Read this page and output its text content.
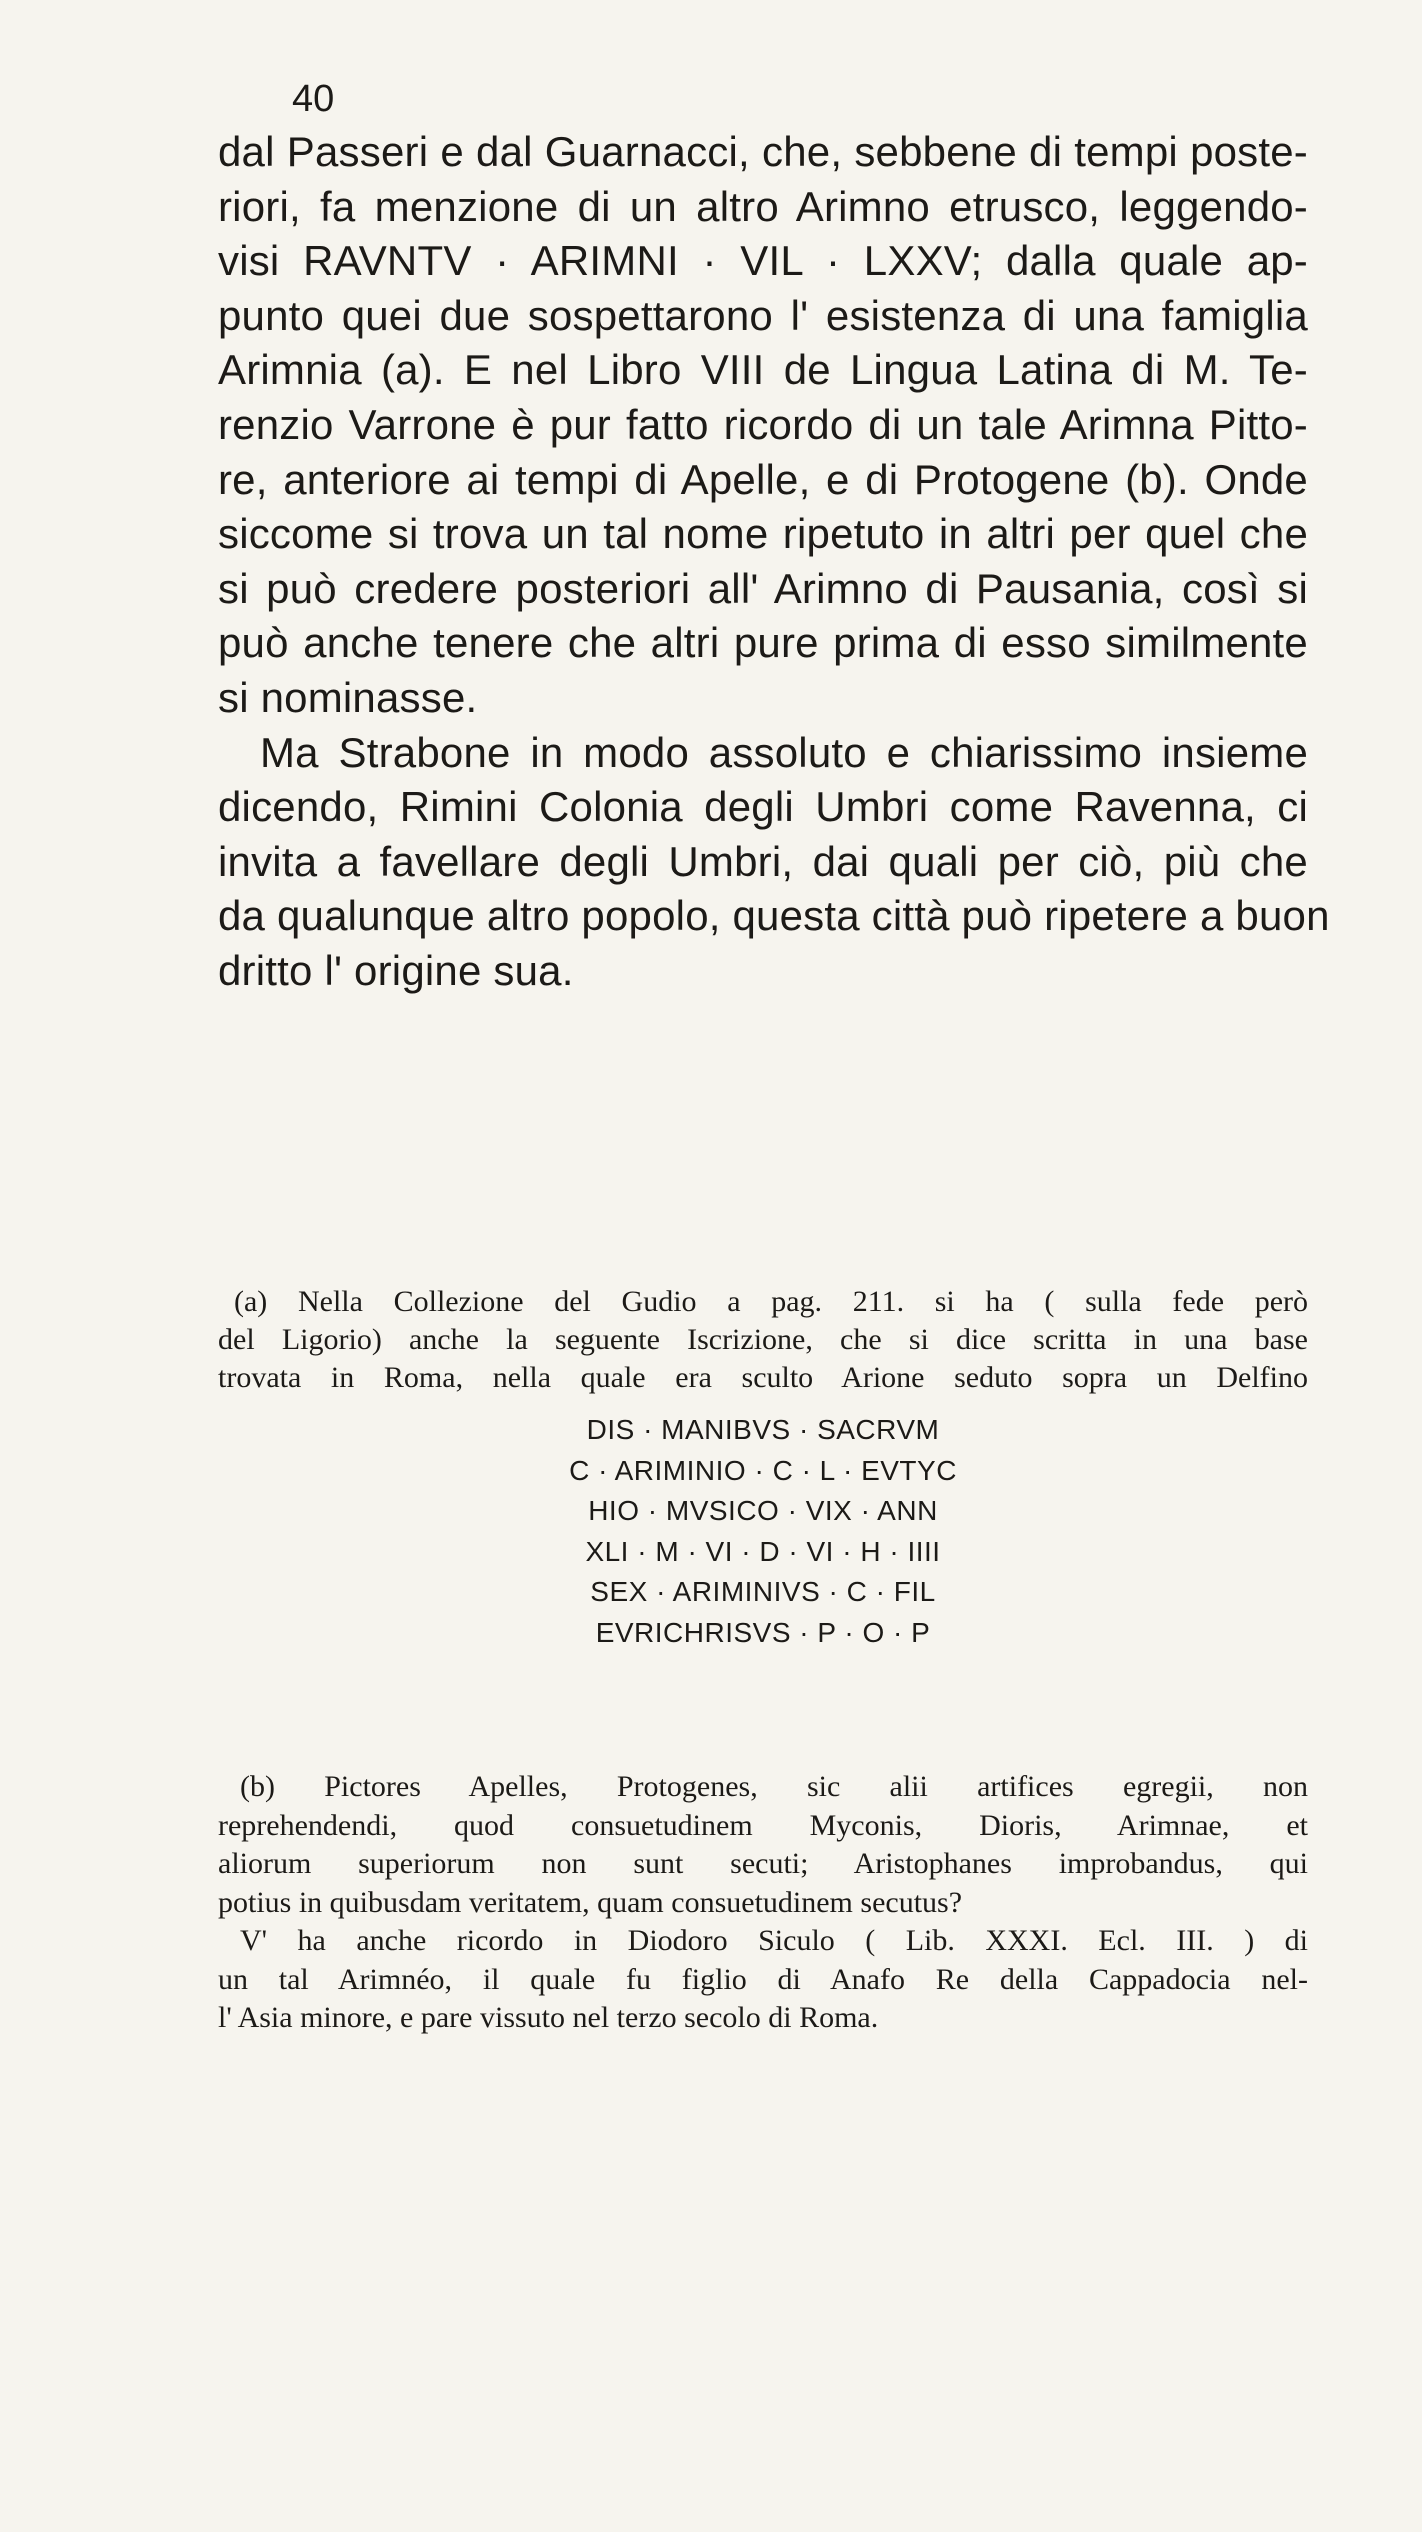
40
dal Passeri e dal Guarnacci, che, sebbene di tempi poste-
riori, fa menzione di un altro Arimno etrusco, leggendo-
visi RAVNTV · ARIMNI · VIL · LXXV; dalla quale ap-
punto quei due sospettarono l' esistenza di una famiglia
Arimnia (a). E nel Libro VIII de Lingua Latina di M. Te-
renzio Varrone è pur fatto ricordo di un tale Arimna Pitto-
re, anteriore ai tempi di Apelle, e di Protogene (b). Onde
siccome si trova un tal nome ripetuto in altri per quel che
si può credere posteriori all' Arimno di Pausania, così si
può anche tenere che altri pure prima di esso similmente
si nominasse.
Ma Strabone in modo assoluto e chiarissimo insieme
dicendo, Rimini Colonia degli Umbri come Ravenna, ci
invita a favellare degli Umbri, dai quali per ciò, più che
da qualunque altro popolo, questa città può ripetere a buon
dritto l' origine sua.
(a) Nella Collezione del Gudio a pag. 211. si ha ( sulla fede però
del Ligorio) anche la seguente Iscrizione, che si dice scritta in una base
trovata in Roma, nella quale era sculto Arione seduto sopra un Delfino
DIS · MANIBVS · SACRVM
C · ARIMINIO · C · L · EVTYC
HIO · MVSICO · VIX · ANN
XLI · M · VI · D · VI · H · IIII
SEX · ARIMINIVS · C · FIL
EVRICHRISVS · P · O · P
(b) Pictores Apelles, Protogenes, sic alii artifices egregii, non
reprehendendi, quod consuetudinem Myconis, Dioris, Arimnae, et
aliorum superiorum non sunt secuti; Aristophanes improbandus, qui
potius in quibusdam veritatem, quam consuetudinem secutus?
V' ha anche ricordo in Diodoro Siculo ( Lib. XXXI. Ecl. III. ) di
un tal Arimnéo, il quale fu figlio di Anafo Re della Cappadocia nel-
l' Asia minore, e pare vissuto nel terzo secolo di Roma.
